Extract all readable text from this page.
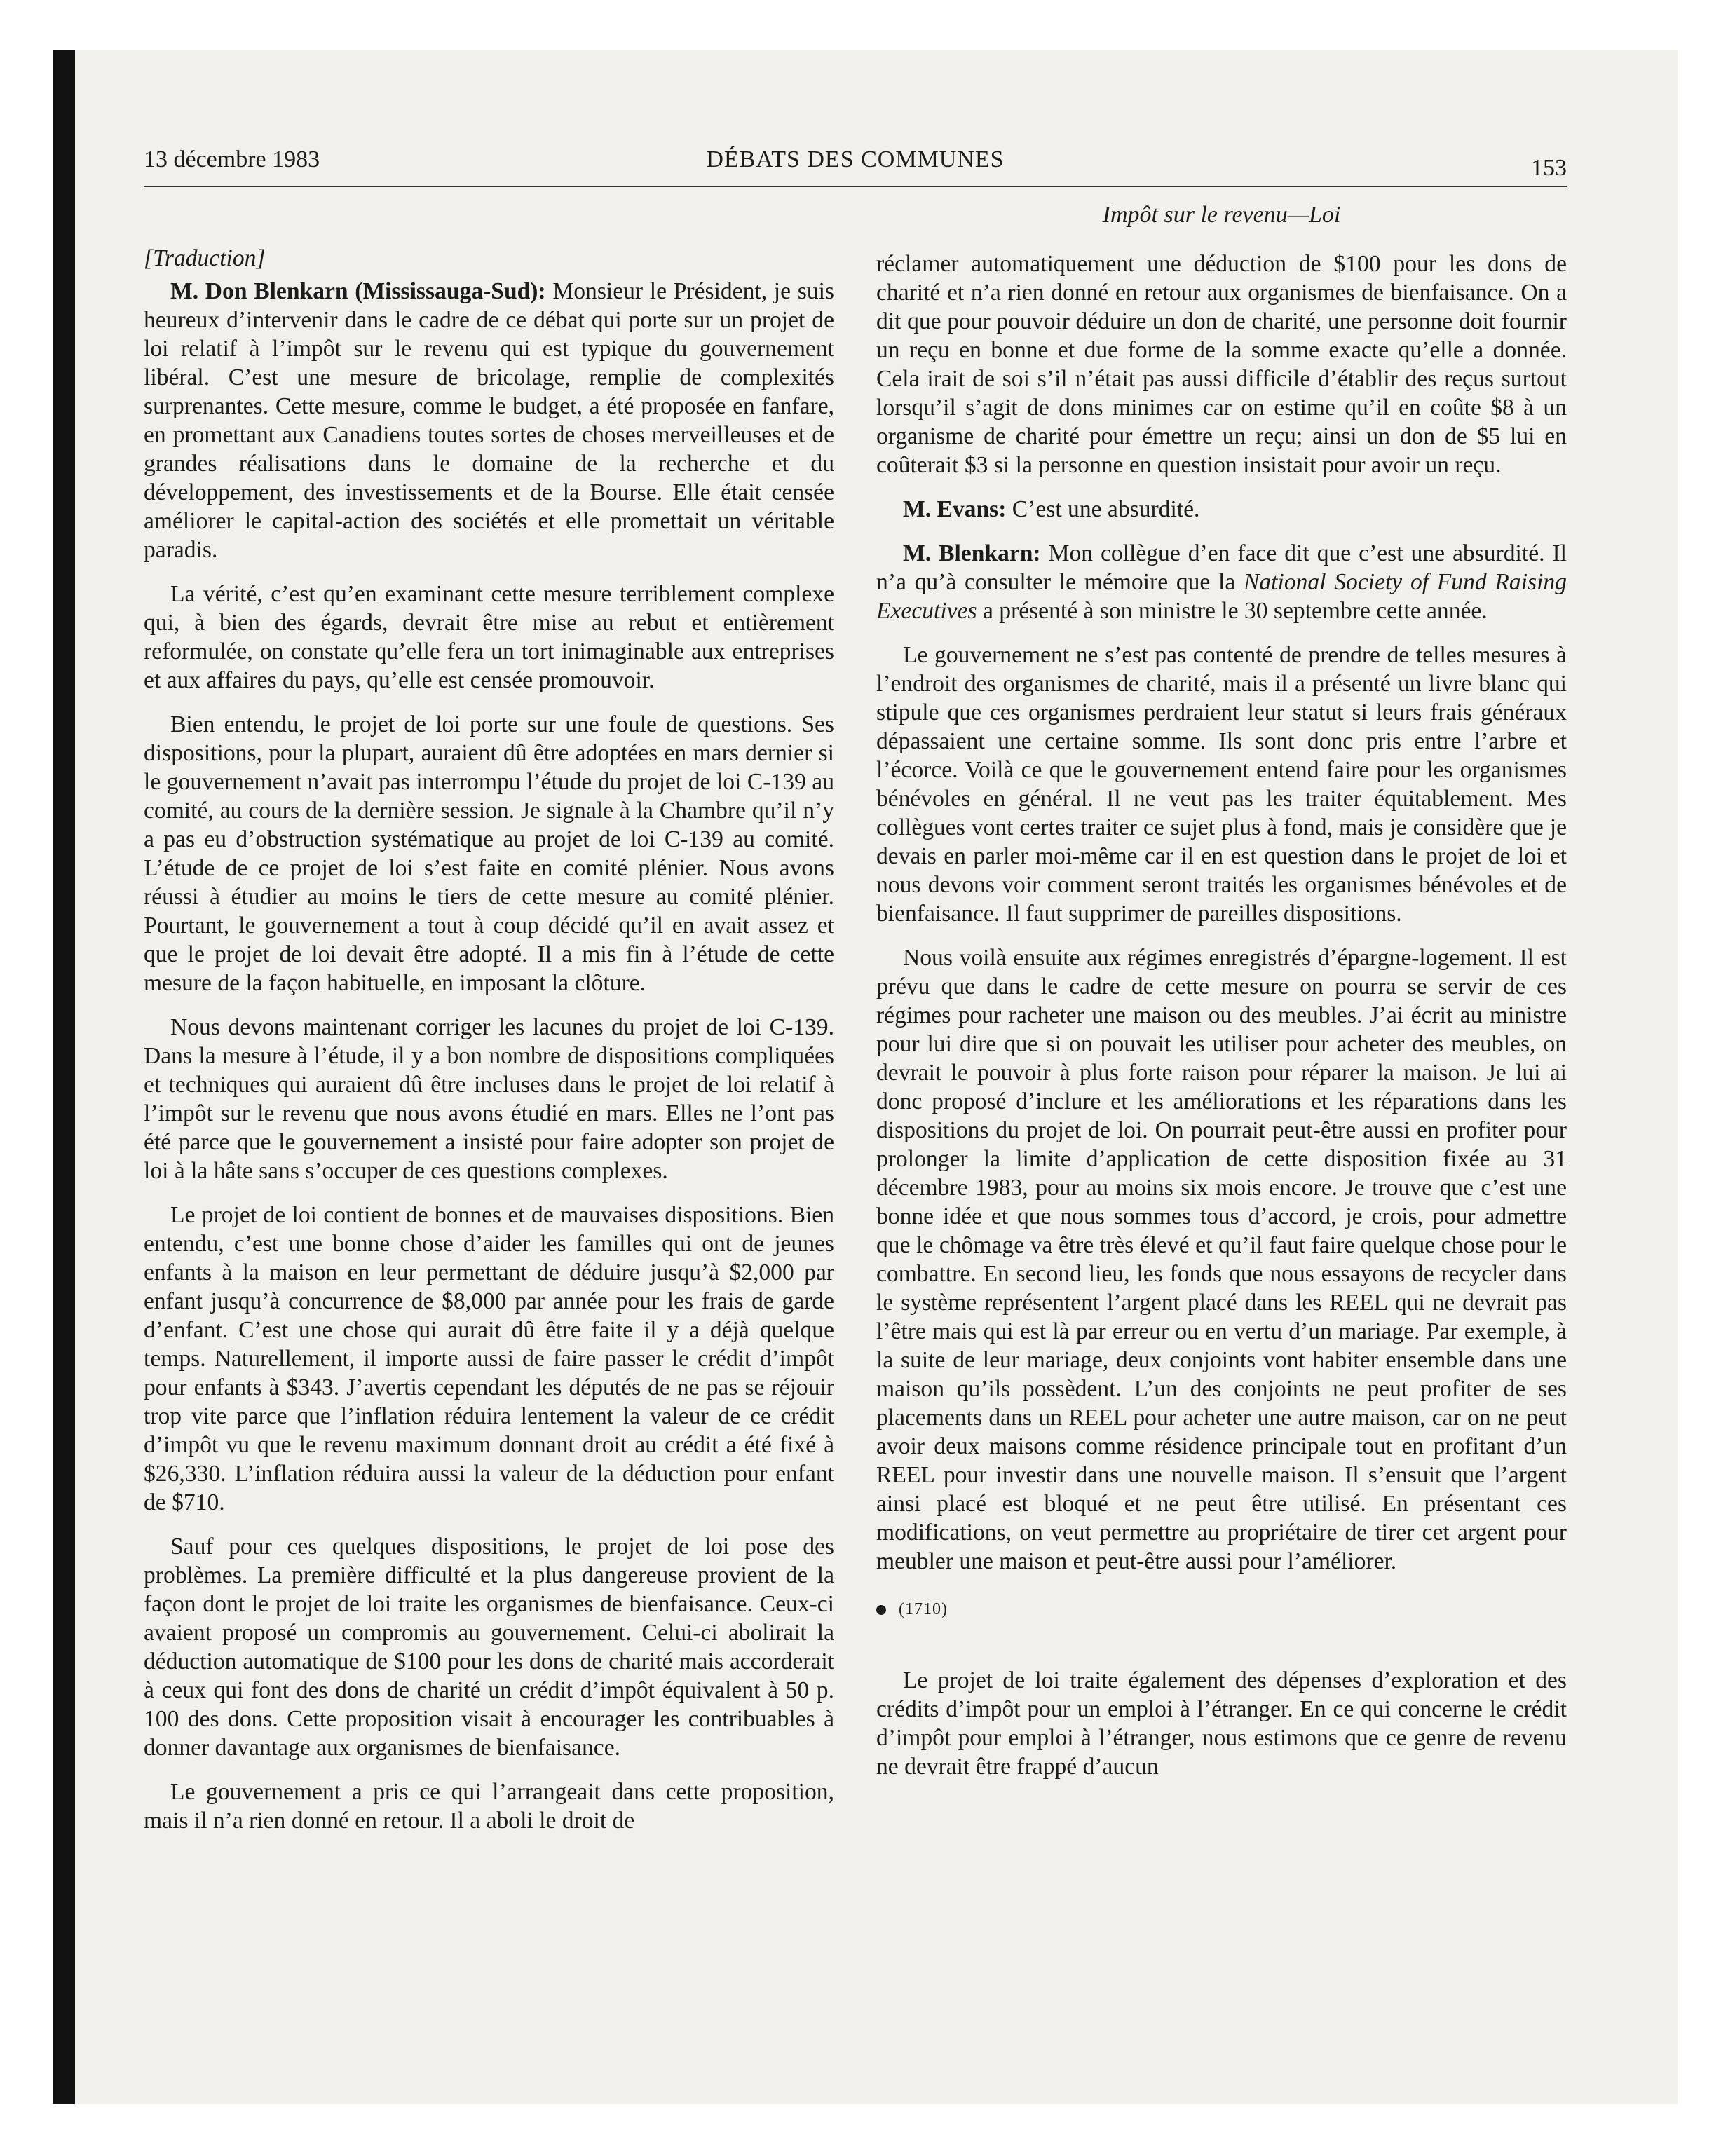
13 décembre 1983	DÉBATS DES COMMUNES	153
Impôt sur le revenu—Loi
[Traduction]

M. Don Blenkarn (Mississauga-Sud): Monsieur le Président, je suis heureux d’intervenir dans le cadre de ce débat qui porte sur un projet de loi relatif à l’impôt sur le revenu qui est typique du gouvernement libéral. C’est une mesure de bricolage, remplie de complexités surprenantes. Cette mesure, comme le budget, a été proposée en fanfare, en promettant aux Canadiens toutes sortes de choses merveilleuses et de grandes réalisations dans le domaine de la recherche et du développement, des investissements et de la Bourse. Elle était censée améliorer le capital-action des sociétés et elle promettait un véritable paradis.

La vérité, c’est qu’en examinant cette mesure terriblement complexe qui, à bien des égards, devrait être mise au rebut et entièrement reformulée, on constate qu’elle fera un tort inimaginable aux entreprises et aux affaires du pays, qu’elle est censée promouvoir.

Bien entendu, le projet de loi porte sur une foule de questions. Ses dispositions, pour la plupart, auraient dû être adoptées en mars dernier si le gouvernement n’avait pas interrompu l’étude du projet de loi C-139 au comité, au cours de la dernière session. Je signale à la Chambre qu’il n’y a pas eu d’obstruction systématique au projet de loi C-139 au comité. L’étude de ce projet de loi s’est faite en comité plénier. Nous avons réussi à étudier au moins le tiers de cette mesure au comité plénier. Pourtant, le gouvernement a tout à coup décidé qu’il en avait assez et que le projet de loi devait être adopté. Il a mis fin à l’étude de cette mesure de la façon habituelle, en imposant la clôture.

Nous devons maintenant corriger les lacunes du projet de loi C-139. Dans la mesure à l’étude, il y a bon nombre de dispositions compliquées et techniques qui auraient dû être incluses dans le projet de loi relatif à l’impôt sur le revenu que nous avons étudié en mars. Elles ne l’ont pas été parce que le gouvernement a insisté pour faire adopter son projet de loi à la hâte sans s’occuper de ces questions complexes.

Le projet de loi contient de bonnes et de mauvaises dispositions. Bien entendu, c’est une bonne chose d’aider les familles qui ont de jeunes enfants à la maison en leur permettant de déduire jusqu’à $2,000 par enfant jusqu’à concurrence de $8,000 par année pour les frais de garde d’enfant. C’est une chose qui aurait dû être faite il y a déjà quelque temps. Naturellement, il importe aussi de faire passer le crédit d’impôt pour enfants à $343. J’avertis cependant les députés de ne pas se réjouir trop vite parce que l’inflation réduira lentement la valeur de ce crédit d’impôt vu que le revenu maximum donnant droit au crédit a été fixé à $26,330. L’inflation réduira aussi la valeur de la déduction pour enfant de $710.

Sauf pour ces quelques dispositions, le projet de loi pose des problèmes. La première difficulté et la plus dangereuse provient de la façon dont le projet de loi traite les organismes de bienfaisance. Ceux-ci avaient proposé un compromis au gouvernement. Celui-ci abolirait la déduction automatique de $100 pour les dons de charité mais accorderait à ceux qui font des dons de charité un crédit d’impôt équivalent à 50 p. 100 des dons. Cette proposition visait à encourager les contribuables à donner davantage aux organismes de bienfaisance.

Le gouvernement a pris ce qui l’arrangeait dans cette proposition, mais il n’a rien donné en retour. Il a aboli le droit de

réclamer automatiquement une déduction de $100 pour les dons de charité et n’a rien donné en retour aux organismes de bienfaisance. On a dit que pour pouvoir déduire un don de charité, une personne doit fournir un reçu en bonne et due forme de la somme exacte qu’elle a donnée. Cela irait de soi s’il n’était pas aussi difficile d’établir des reçus surtout lorsqu’il s’agit de dons minimes car on estime qu’il en coûte $8 à un organisme de charité pour émettre un reçu; ainsi un don de $5 lui en coûterait $3 si la personne en question insistait pour avoir un reçu.

M. Evans: C’est une absurdité.

M. Blenkarn: Mon collègue d’en face dit que c’est une absurdité. Il n’a qu’à consulter le mémoire que la National Society of Fund Raising Executives a présenté à son ministre le 30 septembre cette année.

Le gouvernement ne s’est pas contenté de prendre de telles mesures à l’endroit des organismes de charité, mais il a présenté un livre blanc qui stipule que ces organismes perdraient leur statut si leurs frais généraux dépassaient une certaine somme. Ils sont donc pris entre l’arbre et l’écorce. Voilà ce que le gouvernement entend faire pour les organismes bénévoles en général. Il ne veut pas les traiter équitablement. Mes collègues vont certes traiter ce sujet plus à fond, mais je considère que je devais en parler moi-même car il en est question dans le projet de loi et nous devons voir comment seront traités les organismes bénévoles et de bienfaisance. Il faut supprimer de pareilles dispositions.

Nous voilà ensuite aux régimes enregistrés d’épargne-logement. Il est prévu que dans le cadre de cette mesure on pourra se servir de ces régimes pour racheter une maison ou des meubles. J’ai écrit au ministre pour lui dire que si on pouvait les utiliser pour acheter des meubles, on devrait le pouvoir à plus forte raison pour réparer la maison. Je lui ai donc proposé d’inclure et les améliorations et les réparations dans les dispositions du projet de loi. On pourrait peut-être aussi en profiter pour prolonger la limite d’application de cette disposition fixée au 31 décembre 1983, pour au moins six mois encore. Je trouve que c’est une bonne idée et que nous sommes tous d’accord, je crois, pour admettre que le chômage va être très élevé et qu’il faut faire quelque chose pour le combattre. En second lieu, les fonds que nous essayons de recycler dans le système représentent l’argent placé dans les REEL qui ne devrait pas l’être mais qui est là par erreur ou en vertu d’un mariage. Par exemple, à la suite de leur mariage, deux conjoints vont habiter ensemble dans une maison qu’ils possèdent. L’un des conjoints ne peut profiter de ses placements dans un REEL pour acheter une autre maison, car on ne peut avoir deux maisons comme résidence principale tout en profitant d’un REEL pour investir dans une nouvelle maison. Il s’ensuit que l’argent ainsi placé est bloqué et ne peut être utilisé. En présentant ces modifications, on veut permettre au propriétaire de tirer cet argent pour meubler une maison et peut-être aussi pour l’améliorer.

(1710)

Le projet de loi traite également des dépenses d’exploration et des crédits d’impôt pour un emploi à l’étranger. En ce qui concerne le crédit d’impôt pour emploi à l’étranger, nous estimons que ce genre de revenu ne devrait être frappé d’aucun
